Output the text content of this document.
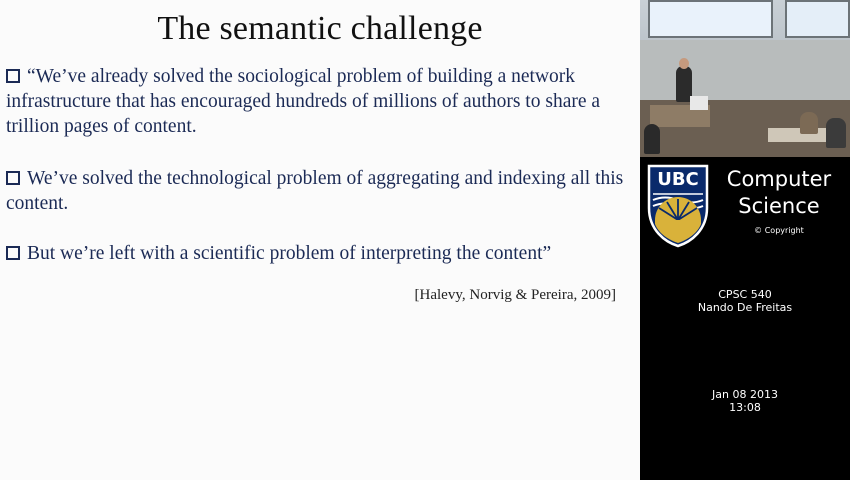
The semantic challenge
“We’ve already solved the sociological problem of building a network infrastructure that has encouraged hundreds of millions of authors to share a trillion pages of content.
We’ve solved the technological problem of aggregating and indexing all this content.
But we’re left with a scientific problem of interpreting the content”
[Halevy, Norvig & Pereira, 2009]
UBC	Computer
Science
© Copyright
CPSC 540
Nando De Freitas
Jan 08 2013
13:08
